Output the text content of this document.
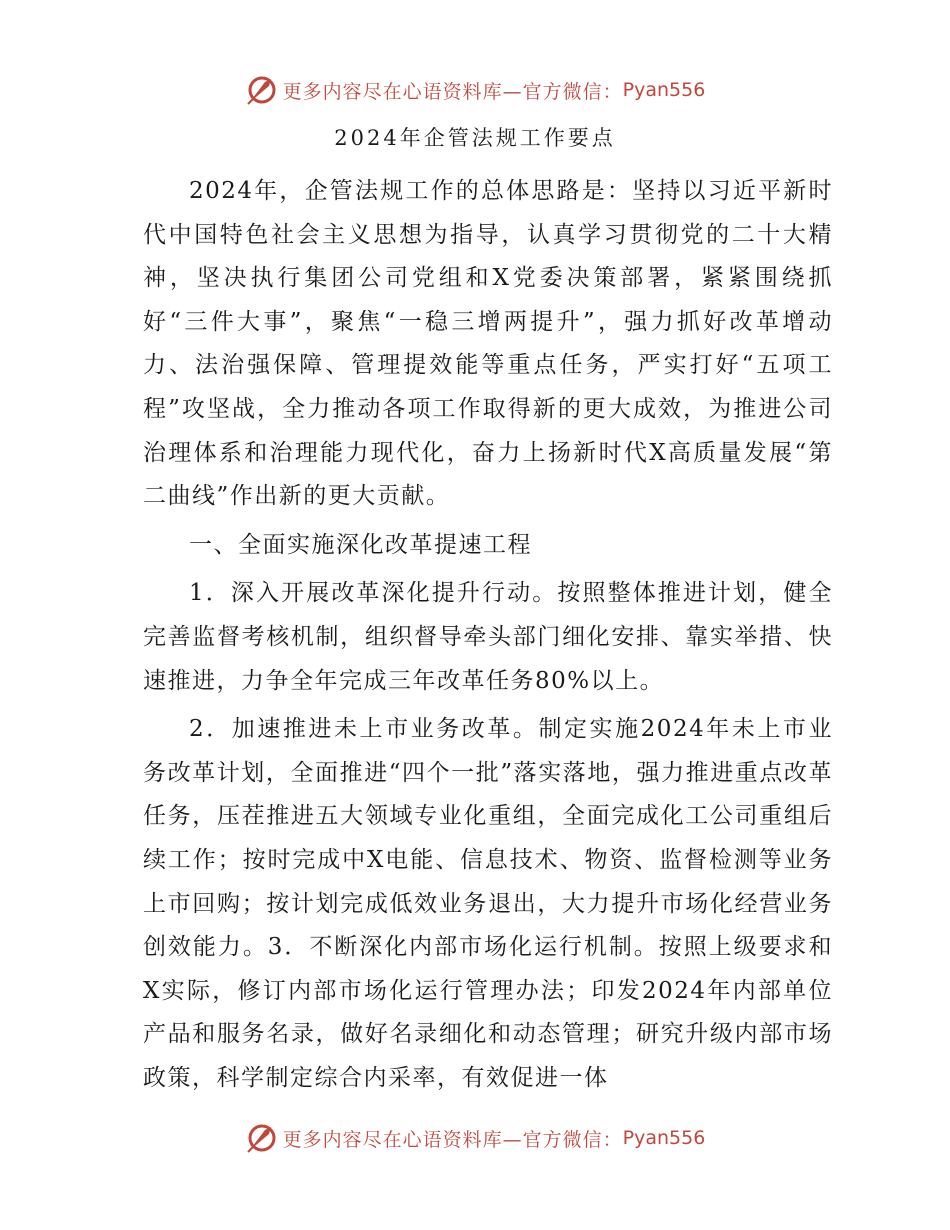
更多内容尽在心语资料库—官方微信： Pyan556
2024年企管法规工作要点

2024年，企管法规工作的总体思路是：坚持以习近平新时代中国特色社会主义思想为指导，认真学习贯彻党的二十大精神，坚决执行集团公司党组和X党委决策部署，紧紧围绕抓好“三件大事”，聚焦“一稳三增两提升”，强力抓好改革增动力、法治强保障、管理提效能等重点任务，严实打好“五项工程”攻坚战，全力推动各项工作取得新的更大成效，为推进公司治理体系和治理能力现代化，奋力上扬新时代X高质量发展“第二曲线”作出新的更大贡献。

一、全面实施深化改革提速工程

1．深入开展改革深化提升行动。按照整体推进计划，健全完善监督考核机制，组织督导牵头部门细化安排、靠实举措、快速推进，力争全年完成三年改革任务80%以上。

2．加速推进未上市业务改革。制定实施2024年未上市业务改革计划，全面推进“四个一批”落实落地，强力推进重点改革任务，压茬推进五大领域专业化重组，全面完成化工公司重组后续工作；按时完成中X电能、信息技术、物资、监督检测等业务上市回购；按计划完成低效业务退出，大力提升市场化经营业务创效能力。3．不断深化内部市场化运行机制。按照上级要求和X实际，修订内部市场化运行管理办法；印发2024年内部单位产品和服务名录，做好名录细化和动态管理；研究升级内部市场政策，科学制定综合内采率，有效促进一体

更多内容尽在心语资料库—官方微信： Pyan556
